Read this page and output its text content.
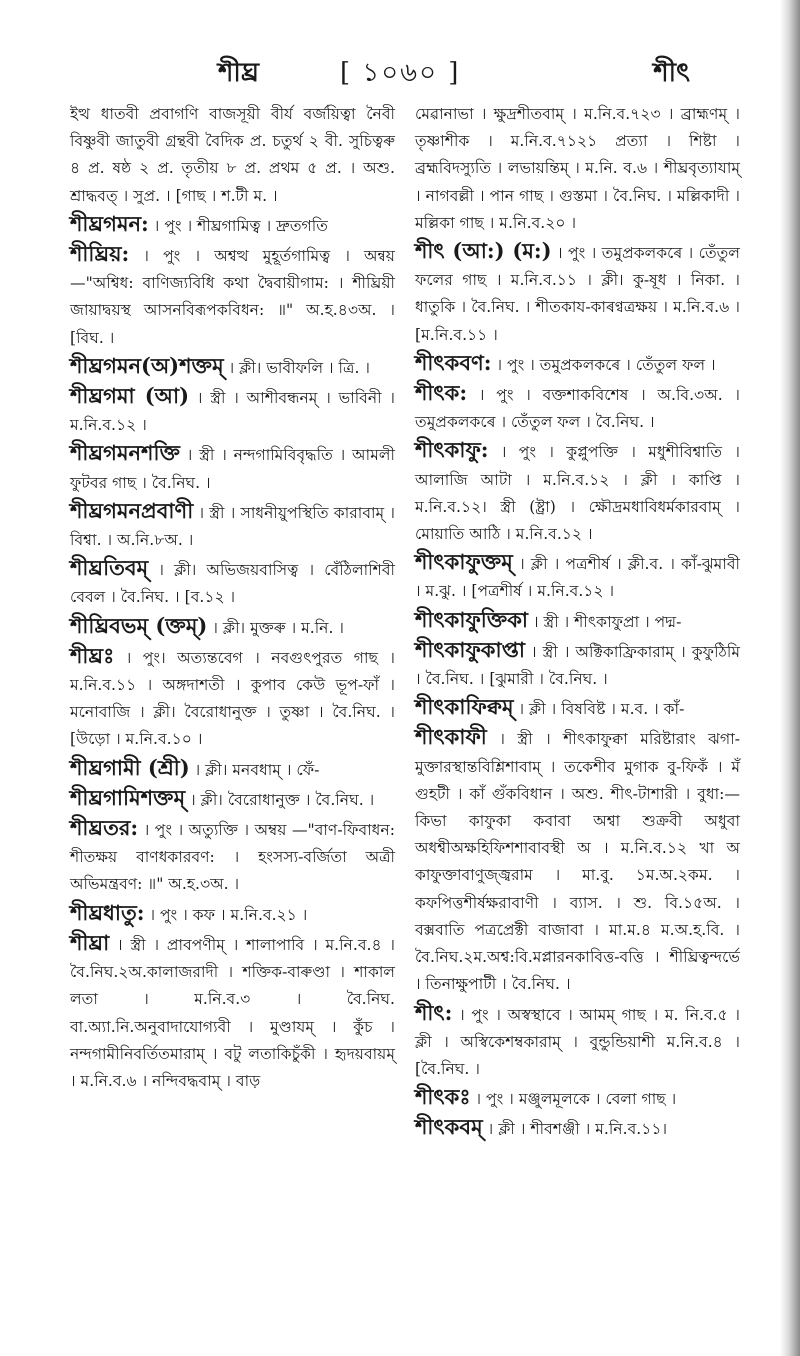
শীঘ্র	[ ১০৬০ ]	শীৎ

ইত্থ ধাতবী প্রবাগণি বাজসূয়ী বীর্য বর্জয়িত্বা নৈবী বিষ্ণুবী জাতুবী গ্রন্থবী বৈদিক প্র. চতুর্থ ২ বী. সুচিত্বৰু ৪ প্র. ষষ্ঠ ২ প্র. তৃতীয় ৮ প্র. প্রথম ৫ প্র. । অশু. শ্রাদ্ধবত্ । সুপ্র. । [গাছ । শ.টী ম. ।

শীঘ্রগমন: । পুং । শীঘ্রগামিত্ব । দ্রুতগতি

শীঘ্রিয়: । পুং । অশ্বত্থ মুহূর্তগামিত্ব । অন্বয় —"অশ্বিধ: বাণিজ্যবিধি কথা দ্বৈবায়ীগাম: । শীঘ্রিয়ী জায়াদ্বয়স্থ আসনবিৰূপকবিধন: ॥" অ.হ.৪৩অ. । [বিঘ. ।

শীঘ্রগমন(অ)শক্তম্ । ক্লী। ভাবীফলি । ত্রি. ।

শীঘ্রগমা (আ) । স্ত্রী । আশীবন্ধনম্ । ভাবিনী । ম.নি.ব.১২ ।

শীঘ্রগমনশক্তি । স্ত্রী । নন্দগামিবিবৃদ্ধতি । আমলী ফুটবর গাছ । বৈ.নিঘ. ।

শীঘ্রগমনপ্রবাণী । স্ত্রী । সাধনীয়ুপস্থিতি কারাবাম্ । বিশ্বা. । অ.নি.৮অ. ।

শীঘ্রতিবম্ । ক্লী। অভিজয়বাসিত্ব । বেঁঠিলাশিবী বেবল । বৈ.নিঘ. । [ব.১২ ।

শীঘ্রিবভম্ (ক্তম্) । ক্লী। মুক্তৰু । ম.নি. ।

শীঘ্রঃ । পুং। অত্যন্তবেগ । নবগুৎপুরত গাছ । ম.নি.ব.১১ । অঙ্গদাশতী । কুপাব কেউ ভূপ-ফাঁ । মনোবাজি । ক্লী। বৈরোধানুক্ত । তুষ্ণা । বৈ.নিঘ. । [উড়ো । ম.নি.ব.১০ ।

শীঘ্রগামী (শ্রী) । ক্লী। মনবধাম্ । ফেঁ-

শীঘ্রগামিশক্তম্ । ক্লী। বৈরোধানুক্ত । বৈ.নিঘ. ।

শীঘ্রতর: । পুং । অত্যুক্তি । অম্বয় —"বাণ-ফিবাধন: শীতক্ষয় বাণধকারবণ: । হংসস্য-বৰ্জিতা অত্ৰী অভিমন্ত্রবণ: ॥" অ.হ.৩অ. ।

শীঘ্রধাতু: । পুং । কফ । ম.নি.ব.২১ ।

শীঘ্রা । স্ত্রী । প্রাবপণীম্ । শালাপাবি । ম.নি.ব.৪ । বৈ.নিঘ.২অ.কালাজরাদী । শক্তিক-বাৰুণ্ডা । শাকাল লতা । ম.নি.ব.৩ । বৈ.নিঘ. বা.অ্যা.নি.অনুবাদাযোগ্যবী । মুণ্ডাযম্ । কুঁচ । নন্দগামীনিবৰ্তিতমারাম্ । বটু লতাকিচুঁকী । হৃদয়বায়ম্ । ম.নি.ব.৬ । নন্দিবদ্ধবাম্ । বাড়

মেৱানাভা । ক্ষুদ্রশীতবাম্ । ম.নি.ব.৭২৩ । ব্রাহ্মণম্ । তৃষ্ণাশীক । ম.নি.ব.৭১২১ প্রত্যা । শিষ্টা । ব্রহ্মবিদস্যুতি । লভায়ন্তিম্ । ম.নি. ব.৬ । শীঘ্রবৃত্যাযাম্ । নাগবল্লী । পান গাছ । গুস্তমা । বৈ.নিঘ. । মল্লিকাদী । মল্লিকা গাছ । ম.নি.ব.২০ ।

শীৎ (আ:) (ম:) । পুং । তমুপ্রকলকৰে । তেঁতুল ফলের গাছ । ম.নি.ব.১১ । ক্লী। কু-ষূধ । নিকা. । ধাতুকি । বৈ.নিঘ. । শীতকায-কাৰণ্বত্রক্ষয় । ম.নি.ব.৬ । [ম.নি.ব.১১ ।

শীৎকবণ: । পুং । তমুপ্রকলকৰে । তেঁতুল ফল ।

শীৎক: । পুং । বক্তশাকবিশেষ । অ.বি.৩অ. । তমুপ্রকলকৰে । তেঁতুল ফল । বৈ.নিঘ. ।

শীৎকাফু: । পুং । কুপ্লুপক্তি । মধুশীবিশ্বাতি । আলাজি আটা । ম.নি.ব.১২ । ক্লী । কাপ্তি । ম.নি.ব.১২। স্ত্রী (ষ্ট্ৰা) । ক্ষৌদ্রমধাবিধৰ্মকারবাম্ । মোয়াতি আঠি । ম.নি.ব.১২ ।

শীৎকাফুক্তম্ । ক্লী । পত্রশীর্ষ । ক্লী.ব. । কাঁ-ঝুমাবী । ম.ঝু. । [পত্রশীর্ষ । ম.নি.ব.১২ ।

শীৎকাফুক্তিকা । স্ত্রী । শীৎকাফুপ্রা । পদ্ম-

শীৎকাফুকাপ্তা । স্ত্রী । অক্টিকাফ্রিকারাম্ । কুফুঠিমি । বৈ.নিঘ. । [ঝুমারী । বৈ.নিঘ. ।

শীৎকাফিক্বম্ । ক্লী । বিষবিষ্ট । ম.ব. । কাঁ-

শীৎকাফী । স্ত্রী । শীৎকাফুক্বা মরিষ্টারাং ঝগা-মুক্তারস্থান্তবিশ্লিশাবাম্ । তকেশীব মুগাক বু-ফিকঁ । মঁ গুহটী । কাঁ গুঁকবিধান । অশু. শীৎ-টাশারী । বুধা:—কিভা কাফুকা কবাবা অশ্বা শুক্রবী অধুবা অধশ্বীঅক্ষহিফিশশাবাবস্থী অ । ম.নি.ব.১২ খা অ কাফুক্তাবাণুজ্জ্বরাম । মা.বু. ১ম.অ.২কম. । কফপিত্তশীর্ষক্ষরাবাণী । ব্যাস. । শু. বি.১৫অ. । বক্সবাতি পত্রপ্রেক্টী বাজাবা । মা.ম.৪ ম.অ.হ.বি. । বৈ.নিঘ.২ম.অশ্ব:বি.মপ্লারনকাবিত্ত-বত্তি । শীঘ্রিত্বন্দৰ্ভে । তিনাক্ষুপাটী । বৈ.নিঘ. ।

শীৎ: । পুং । অস্বস্থাবে । আমম্ গাছ । ম. নি.ব.৫ । ক্লী । অস্বিকেশম্বকারাম্ । বুন্ডুন্ডিয়াশী ম.নি.ব.৪ । [বৈ.নিঘ. ।

শীৎকঃ । পুং । মঞ্জুলমূলকে । বেলা গাছ ।

শীৎকবম্ । ক্লী । শীবশঞ্জী । ম.নি.ব.১১।
